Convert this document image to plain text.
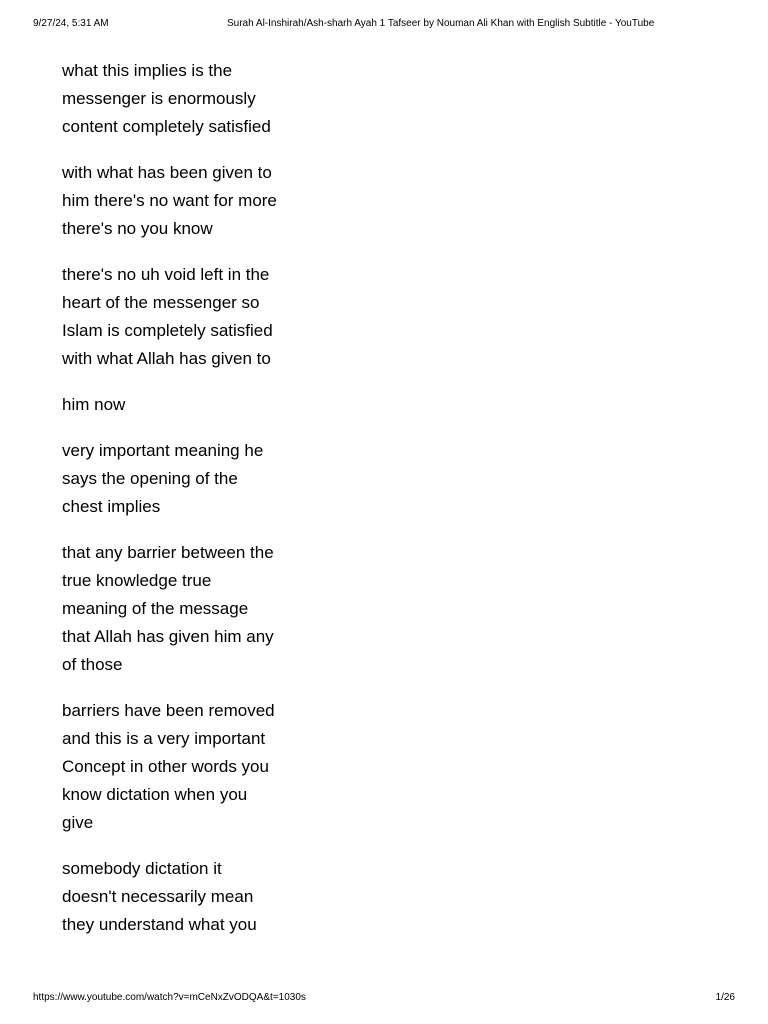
9/27/24, 5:31 AM	Surah Al-Inshirah/Ash-sharh Ayah 1 Tafseer by Nouman Ali Khan with English Subtitle - YouTube
what this implies is the
messenger is enormously
content completely satisfied
with what has been given to
him there's no want for more
there's no you know
there's no uh void left in the
heart of the messenger so
Islam is completely satisfied
with what Allah has given to
him now
very important meaning he
says the opening of the
chest implies
that any barrier between the
true knowledge true
meaning of the message
that Allah has given him any
of those
barriers have been removed
and this is a very important
Concept in other words you
know dictation when you
give
somebody dictation it
doesn't necessarily mean
they understand what you
https://www.youtube.com/watch?v=mCeNxZvODQA&t=1030s	1/26
